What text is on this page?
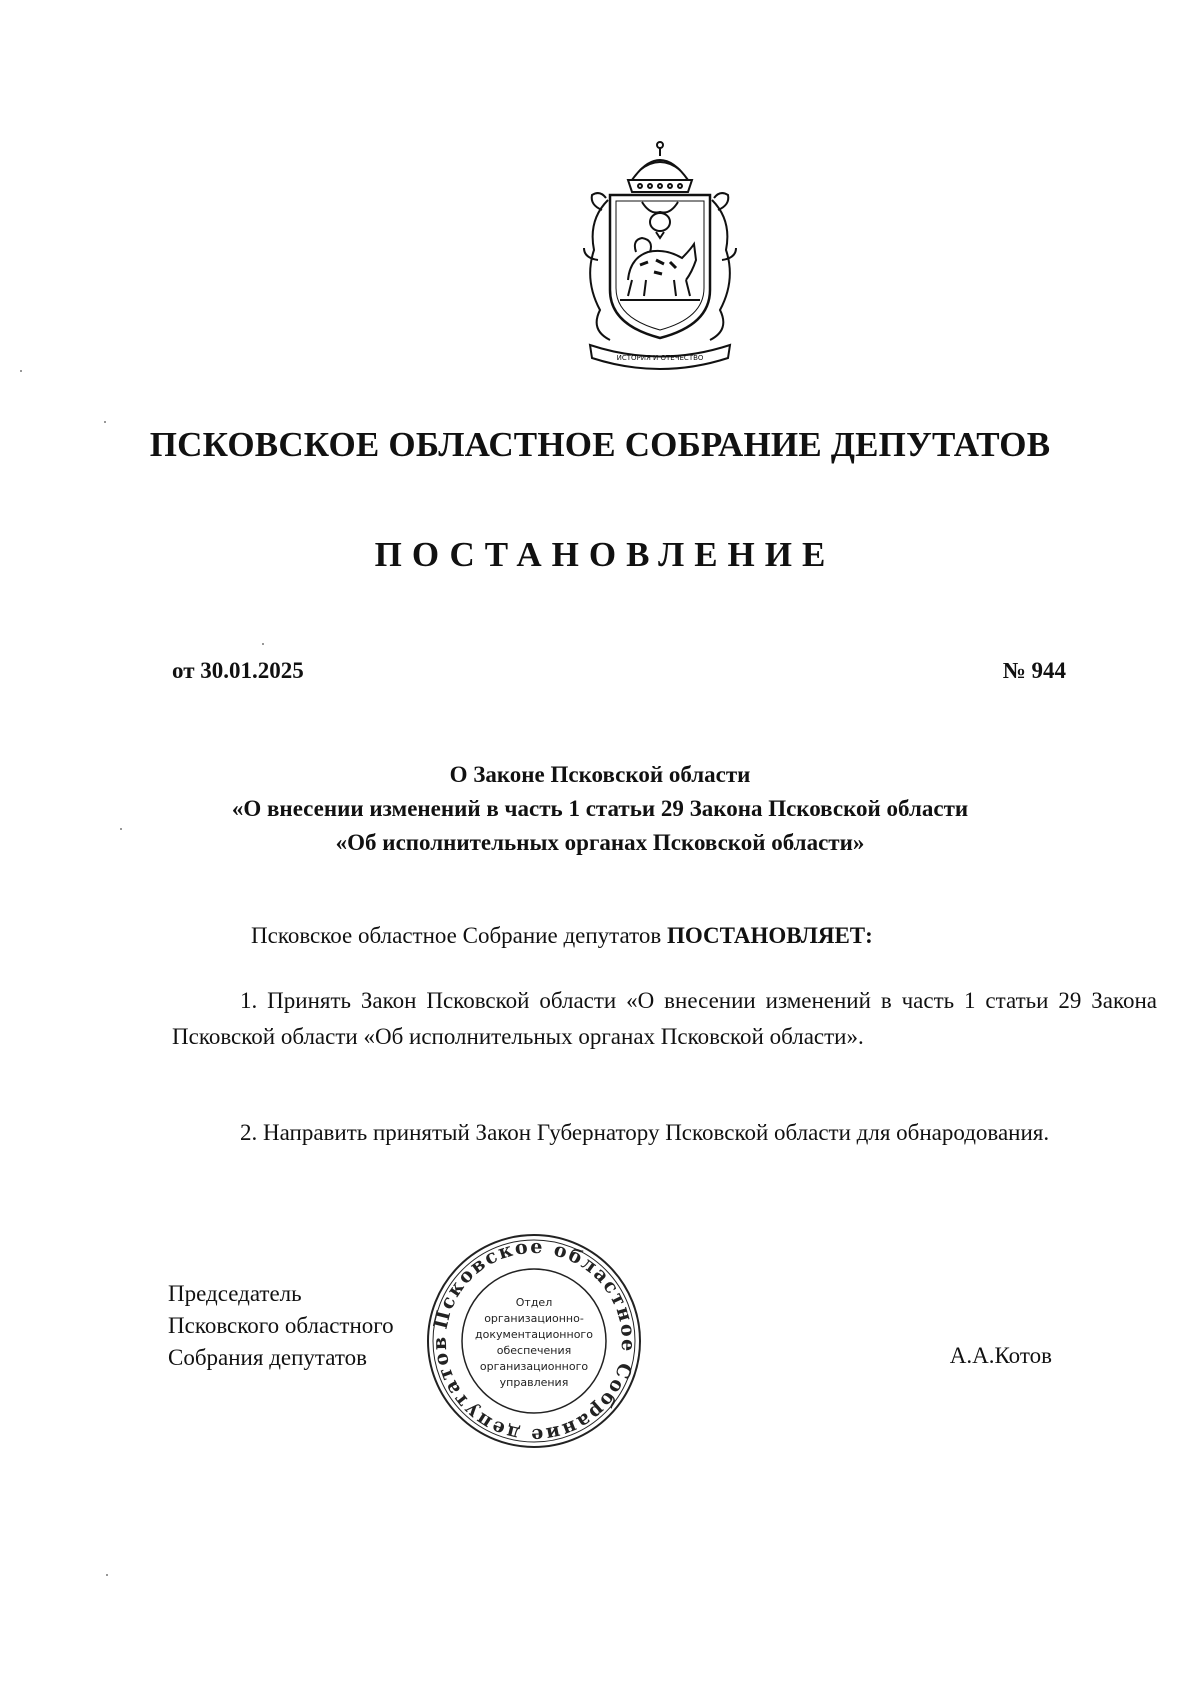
ИСТОРИЯ И ОТЕЧЕСТВО
ПСКОВСКОЕ ОБЛАСТНОЕ СОБРАНИЕ ДЕПУТАТОВ
ПОСТАНОВЛЕНИЕ
от 30.01.2025	№ 944
О Законе Псковской области
«О внесении изменений в часть 1 статьи 29 Закона Псковской области
«Об исполнительных органах Псковской области»
Псковское областное Собрание депутатов ПОСТАНОВЛЯЕТ:
1. Принять Закон Псковской области «О внесении изменений в часть 1 статьи 29 Закона Псковской области «Об исполнительных органах Псковской области».
2. Направить принятый Закон Губернатору Псковской области для обнародования.
Председатель
Псковского областного
Собрания депутатов	А.А.Котов
Псковское областное Собрание депутатов
Отдел
организационно-
документационного
обеспечения
организационного
управления
